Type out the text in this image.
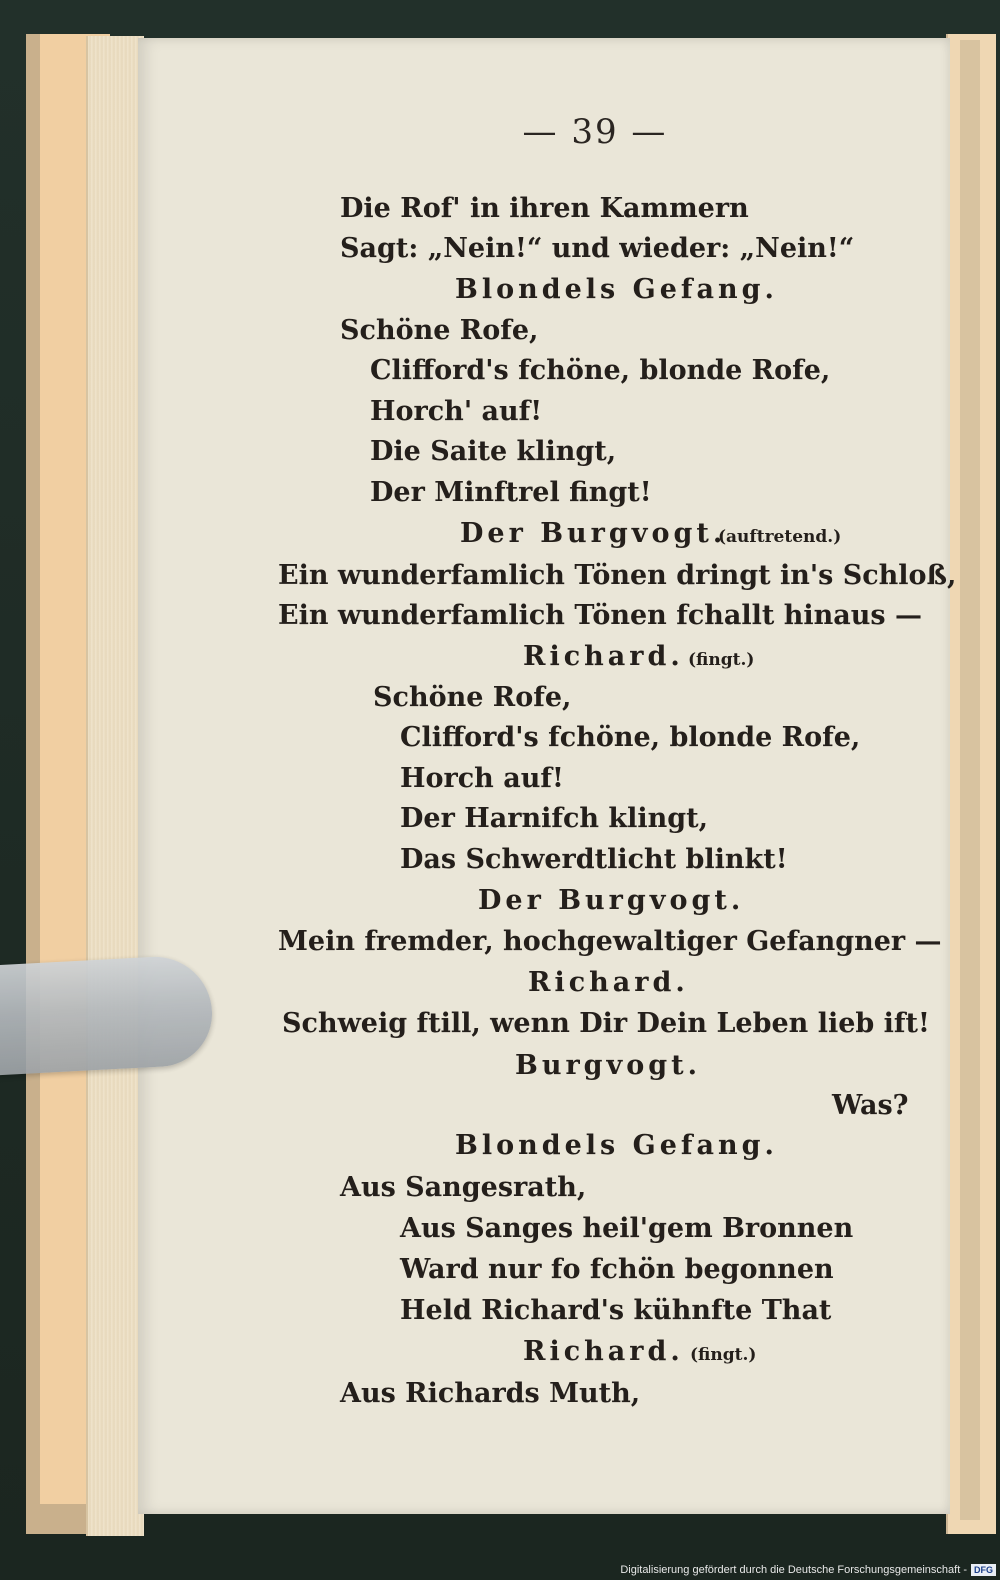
— 39 —
Die Rof' in ihren Kammern
Sagt: „Nein!“ und wieder: „Nein!“
Blondels Gefang.
Schöne Rofe,
Clifford's fchöne, blonde Rofe,
Horch' auf!
Die Saite klingt,
Der Minftrel fingt!
Der Burgvogt.
(auftretend.)
Ein wunderfamlich Tönen dringt in's Schloß,
Ein wunderfamlich Tönen fchallt hinaus —
Richard. (fingt.)
Schöne Rofe,
Clifford's fchöne, blonde Rofe,
Horch auf!
Der Harnifch klingt,
Das Schwerdtlicht blinkt!
Der Burgvogt.
Mein fremder, hochgewaltiger Gefangner —
Richard.
Schweig ftill, wenn Dir Dein Leben lieb ift!
Burgvogt.
Was?
Blondels Gefang.
Aus Sangesrath,
Aus Sanges heil'gem Bronnen
Ward nur fo fchön begonnen
Held Richard's kühnfte That
Richard. (fingt.)
Aus Richards Muth,
Digitalisierung gefördert durch die Deutsche Forschungsgemeinschaft - DFG
